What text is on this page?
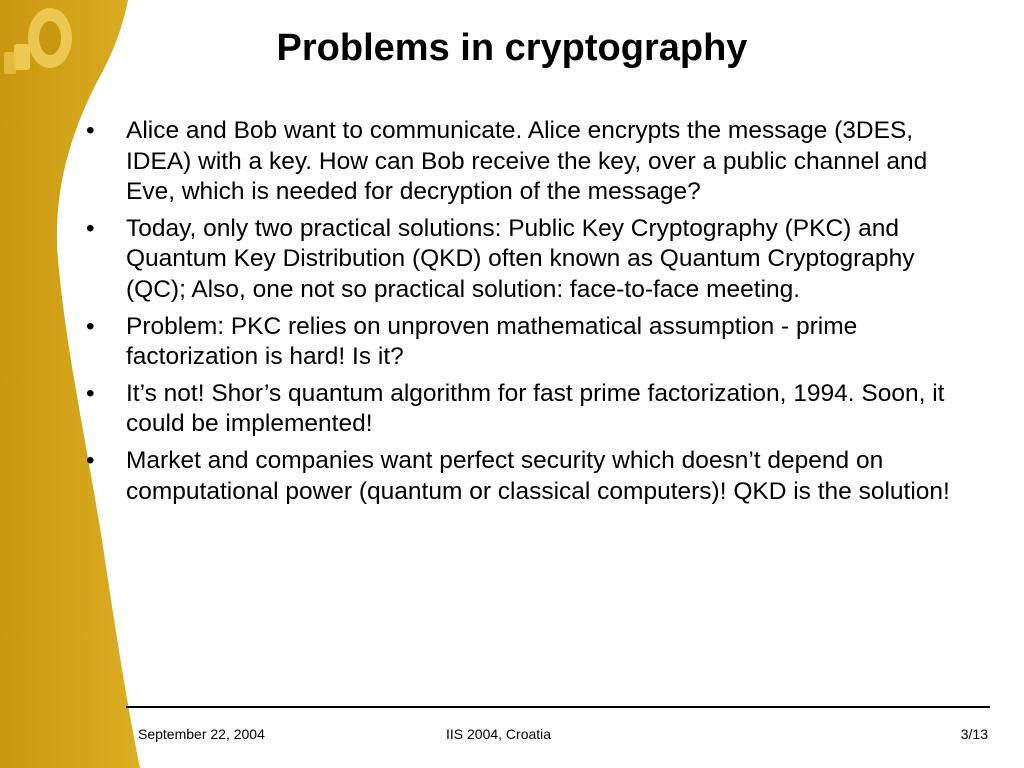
Problems in cryptography
• Alice and Bob want to communicate. Alice encrypts the message (3DES, IDEA) with a key. How can Bob receive the key, over a public channel and Eve, which is needed for decryption of the message?
• Today, only two practical solutions: Public Key Cryptography (PKC) and Quantum Key Distribution (QKD) often known as Quantum Cryptography (QC); Also, one not so practical solution: face-to-face meeting.
• Problem: PKC relies on unproven mathematical assumption - prime factorization is hard! Is it?
• It’s not! Shor’s quantum algorithm for fast prime factorization, 1994. Soon, it could be implemented!
• Market and companies want perfect security which doesn’t depend on computational power (quantum or classical computers)! QKD is the solution!
September 22, 2004	IIS 2004, Croatia	3/13
